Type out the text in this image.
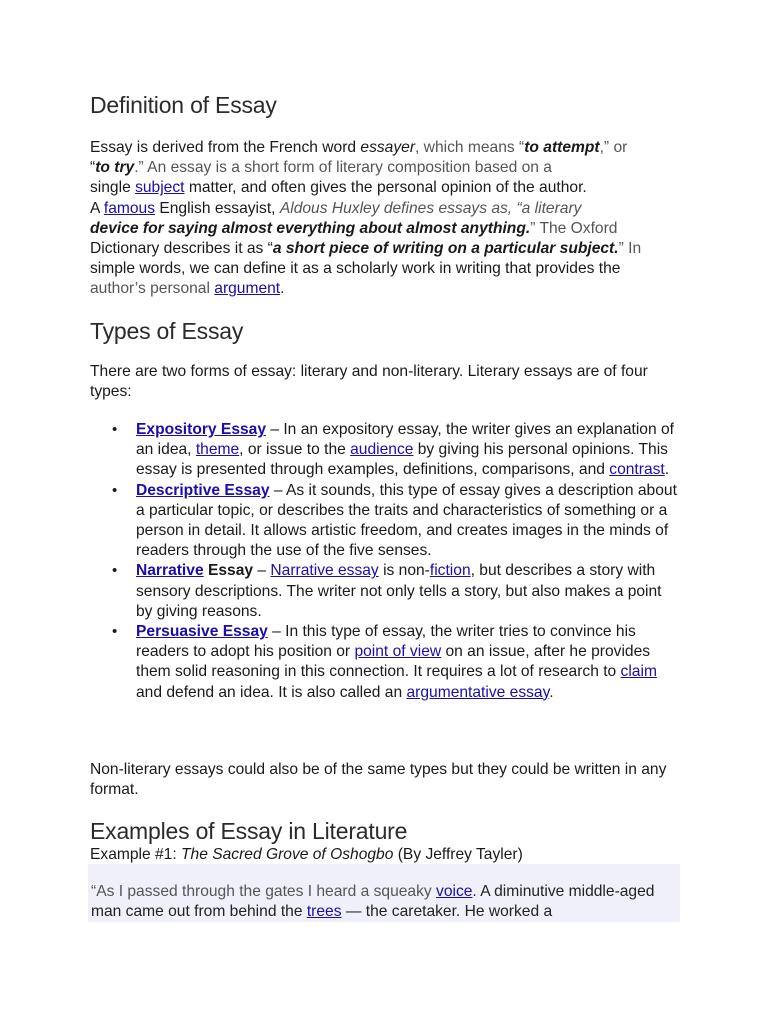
Definition of Essay
Essay is derived from the French word essayer, which means “to attempt,” or
“to try.” An essay is a short form of literary composition based on a
single subject matter, and often gives the personal opinion of the author.
A famous English essayist, Aldous Huxley defines essays as, “a literary
device for saying almost everything about almost anything.” The Oxford
Dictionary describes it as “a short piece of writing on a particular subject.” In
simple words, we can define it as a scholarly work in writing that provides the
author’s personal argument.
Types of Essay
There are two forms of essay: literary and non-literary. Literary essays are of four types:
• Expository Essay – In an expository essay, the writer gives an explanation of an idea, theme, or issue to the audience by giving his personal opinions. This essay is presented through examples, definitions, comparisons, and contrast.
• Descriptive Essay – As it sounds, this type of essay gives a description about a particular topic, or describes the traits and characteristics of something or a person in detail. It allows artistic freedom, and creates images in the minds of readers through the use of the five senses.
• Narrative Essay – Narrative essay is non-fiction, but describes a story with sensory descriptions. The writer not only tells a story, but also makes a point by giving reasons.
• Persuasive Essay – In this type of essay, the writer tries to convince his readers to adopt his position or point of view on an issue, after he provides them solid reasoning in this connection. It requires a lot of research to claim and defend an idea. It is also called an argumentative essay.
Non-literary essays could also be of the same types but they could be written in any format.
Examples of Essay in Literature
Example #1: The Sacred Grove of Oshogbo (By Jeffrey Tayler)
“As I passed through the gates I heard a squeaky voice. A diminutive middle-aged man came out from behind the trees — the caretaker. He worked a
